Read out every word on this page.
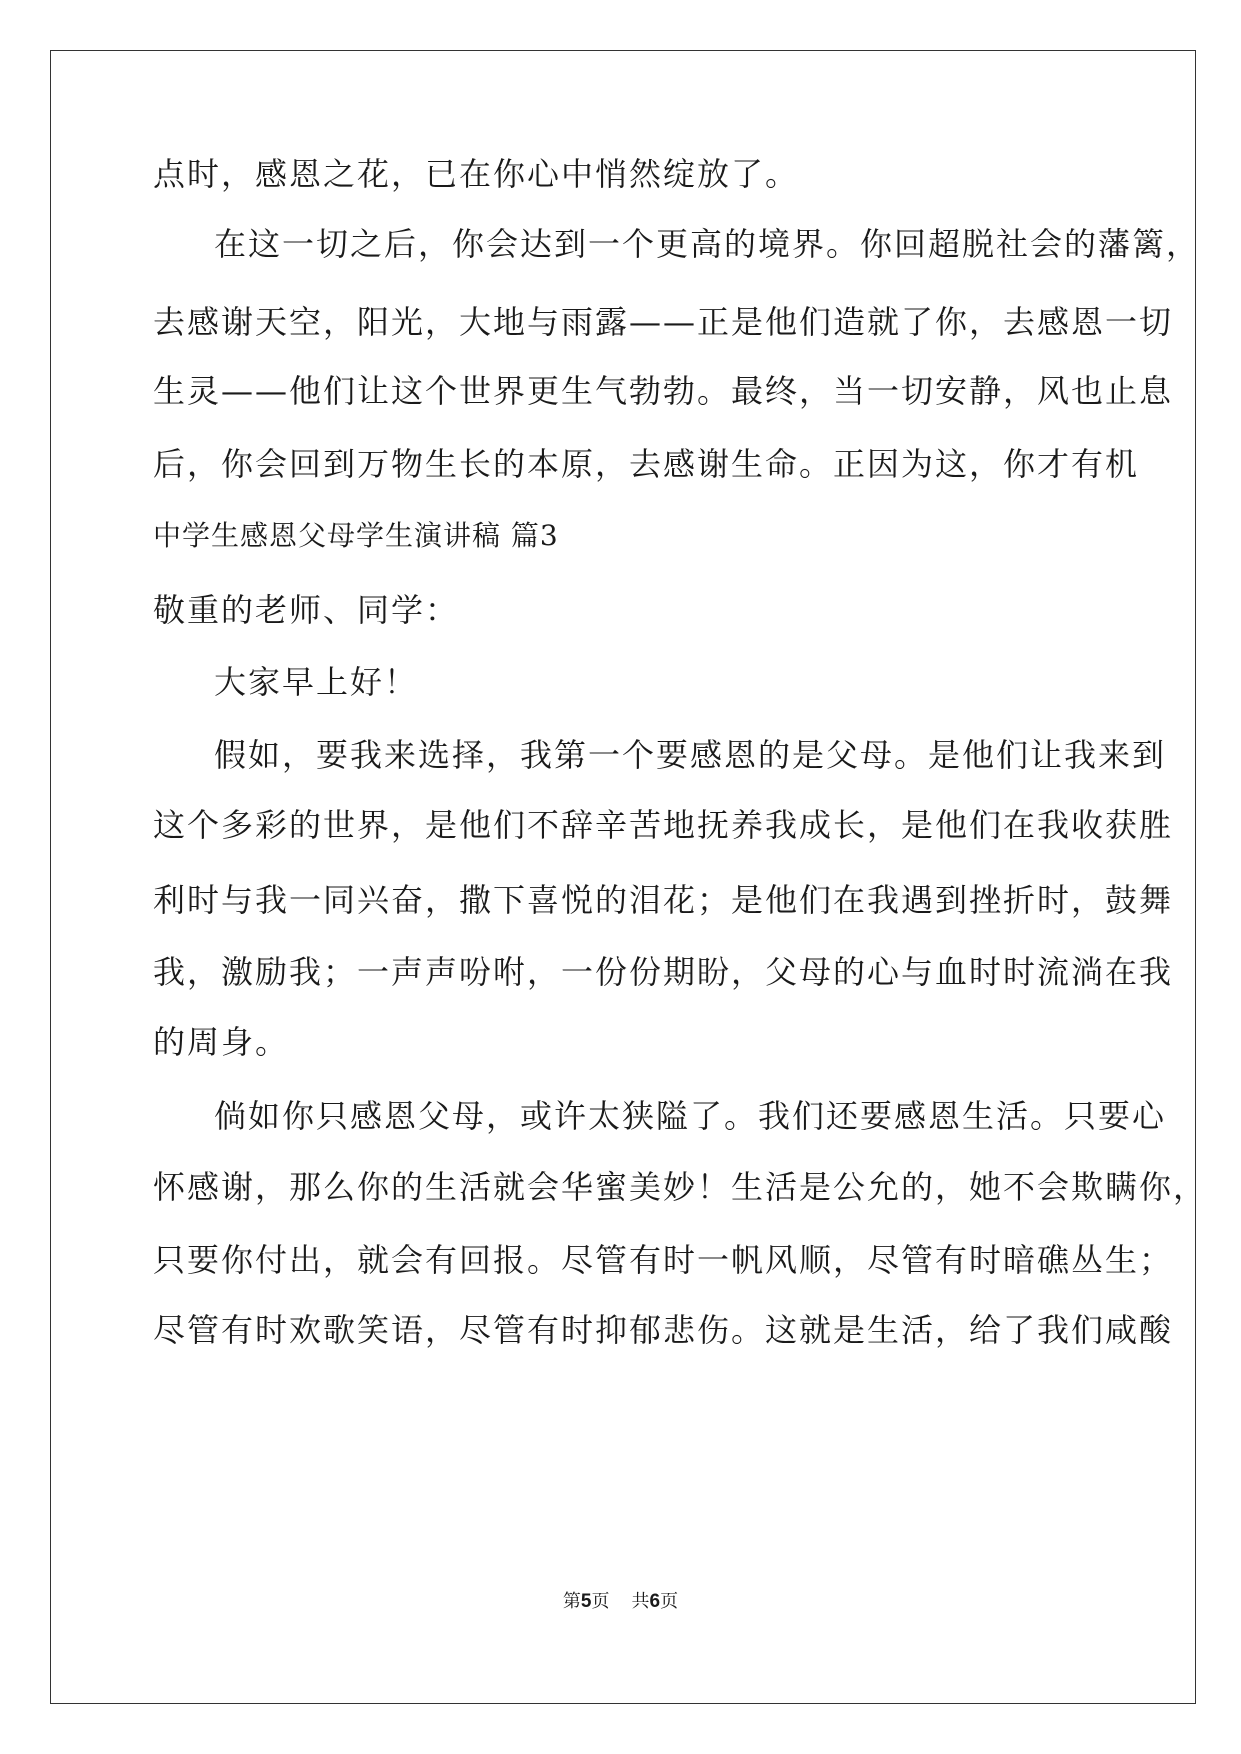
点时，感恩之花，已在你心中悄然绽放了。
在这一切之后，你会达到一个更高的境界。你回超脱社会的藩篱，
去感谢天空，阳光，大地与雨露——正是他们造就了你，去感恩一切
生灵——他们让这个世界更生气勃勃。最终，当一切安静，风也止息
后，你会回到万物生长的本原，去感谢生命。正因为这，你才有机
中学生感恩父母学生演讲稿 篇3
敬重的老师、同学：
大家早上好！
假如，要我来选择，我第一个要感恩的是父母。是他们让我来到
这个多彩的世界，是他们不辞辛苦地抚养我成长，是他们在我收获胜
利时与我一同兴奋，撒下喜悦的泪花；是他们在我遇到挫折时，鼓舞
我，激励我；一声声吩咐，一份份期盼，父母的心与血时时流淌在我
的周身。
倘如你只感恩父母，或许太狭隘了。我们还要感恩生活。只要心
怀感谢，那么你的生活就会华蜜美妙！生活是公允的，她不会欺瞒你，
只要你付出，就会有回报。尽管有时一帆风顺，尽管有时暗礁丛生；
尽管有时欢歌笑语，尽管有时抑郁悲伤。这就是生活，给了我们咸酸
第5页 共6页
